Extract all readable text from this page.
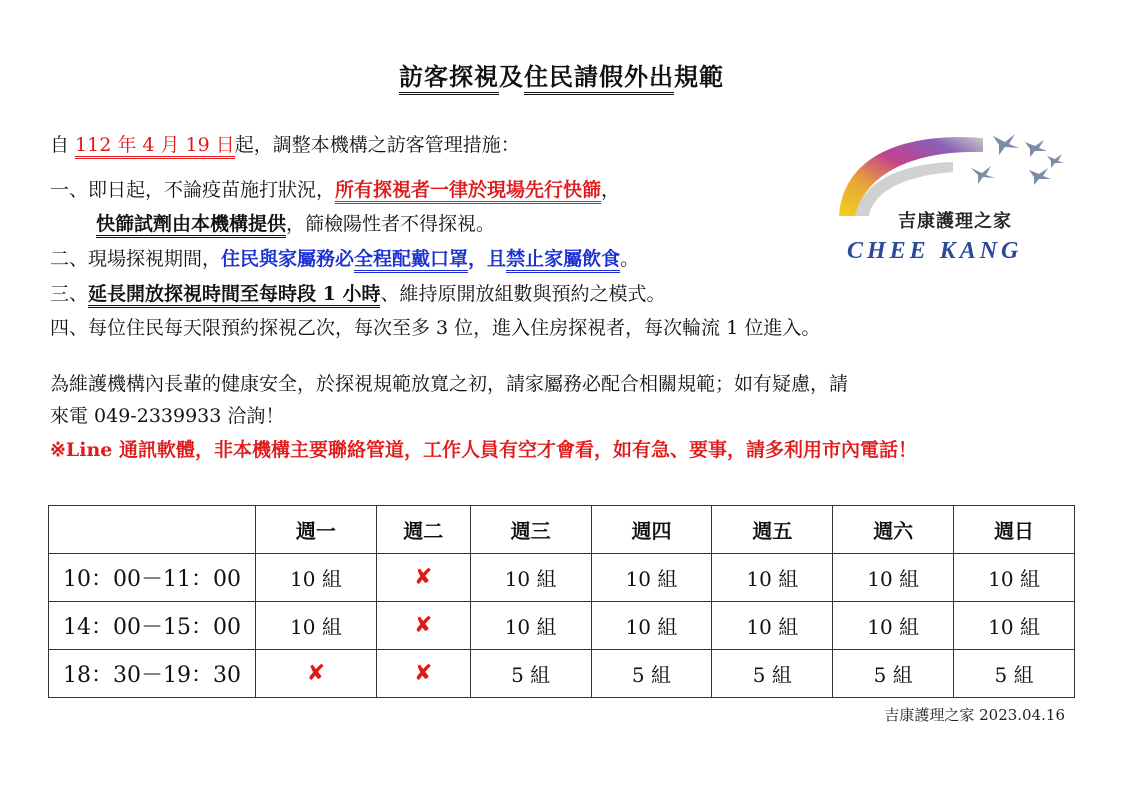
訪客探視及住民請假外出規範
自 112 年 4 月 19 日起，調整本機構之訪客管理措施：
一、即日起，不論疫苗施打狀況，所有探視者一律於現場先行快篩，
快篩試劑由本機構提供，篩檢陽性者不得探視。
二、現場探視期間，住民與家屬務必全程配戴口罩，且禁止家屬飲食。
三、延長開放探視時間至每時段 1 小時、維持原開放組數與預約之模式。
四、每位住民每天限預約探視乙次，每次至多 3 位，進入住房探視者，每次輪流 1 位進入。
為維護機構內長輩的健康安全，於探視規範放寬之初，請家屬務必配合相關規範；如有疑慮，請
來電 049-2339933 洽詢！
※Line 通訊軟體，非本機構主要聯絡管道，工作人員有空才會看，如有急、要事，請多利用市內電話！
吉康護理之家
CHEE KANG
	週一	週二	週三	週四	週五	週六	週日
10：00－11：00	10 組	✘	10 組	10 組	10 組	10 組	10 組
14：00－15：00	10 組	✘	10 組	10 組	10 組	10 組	10 組
18：30－19：30	✘	✘	5 組	5 組	5 組	5 組	5 組
吉康護理之家 2023.04.16
